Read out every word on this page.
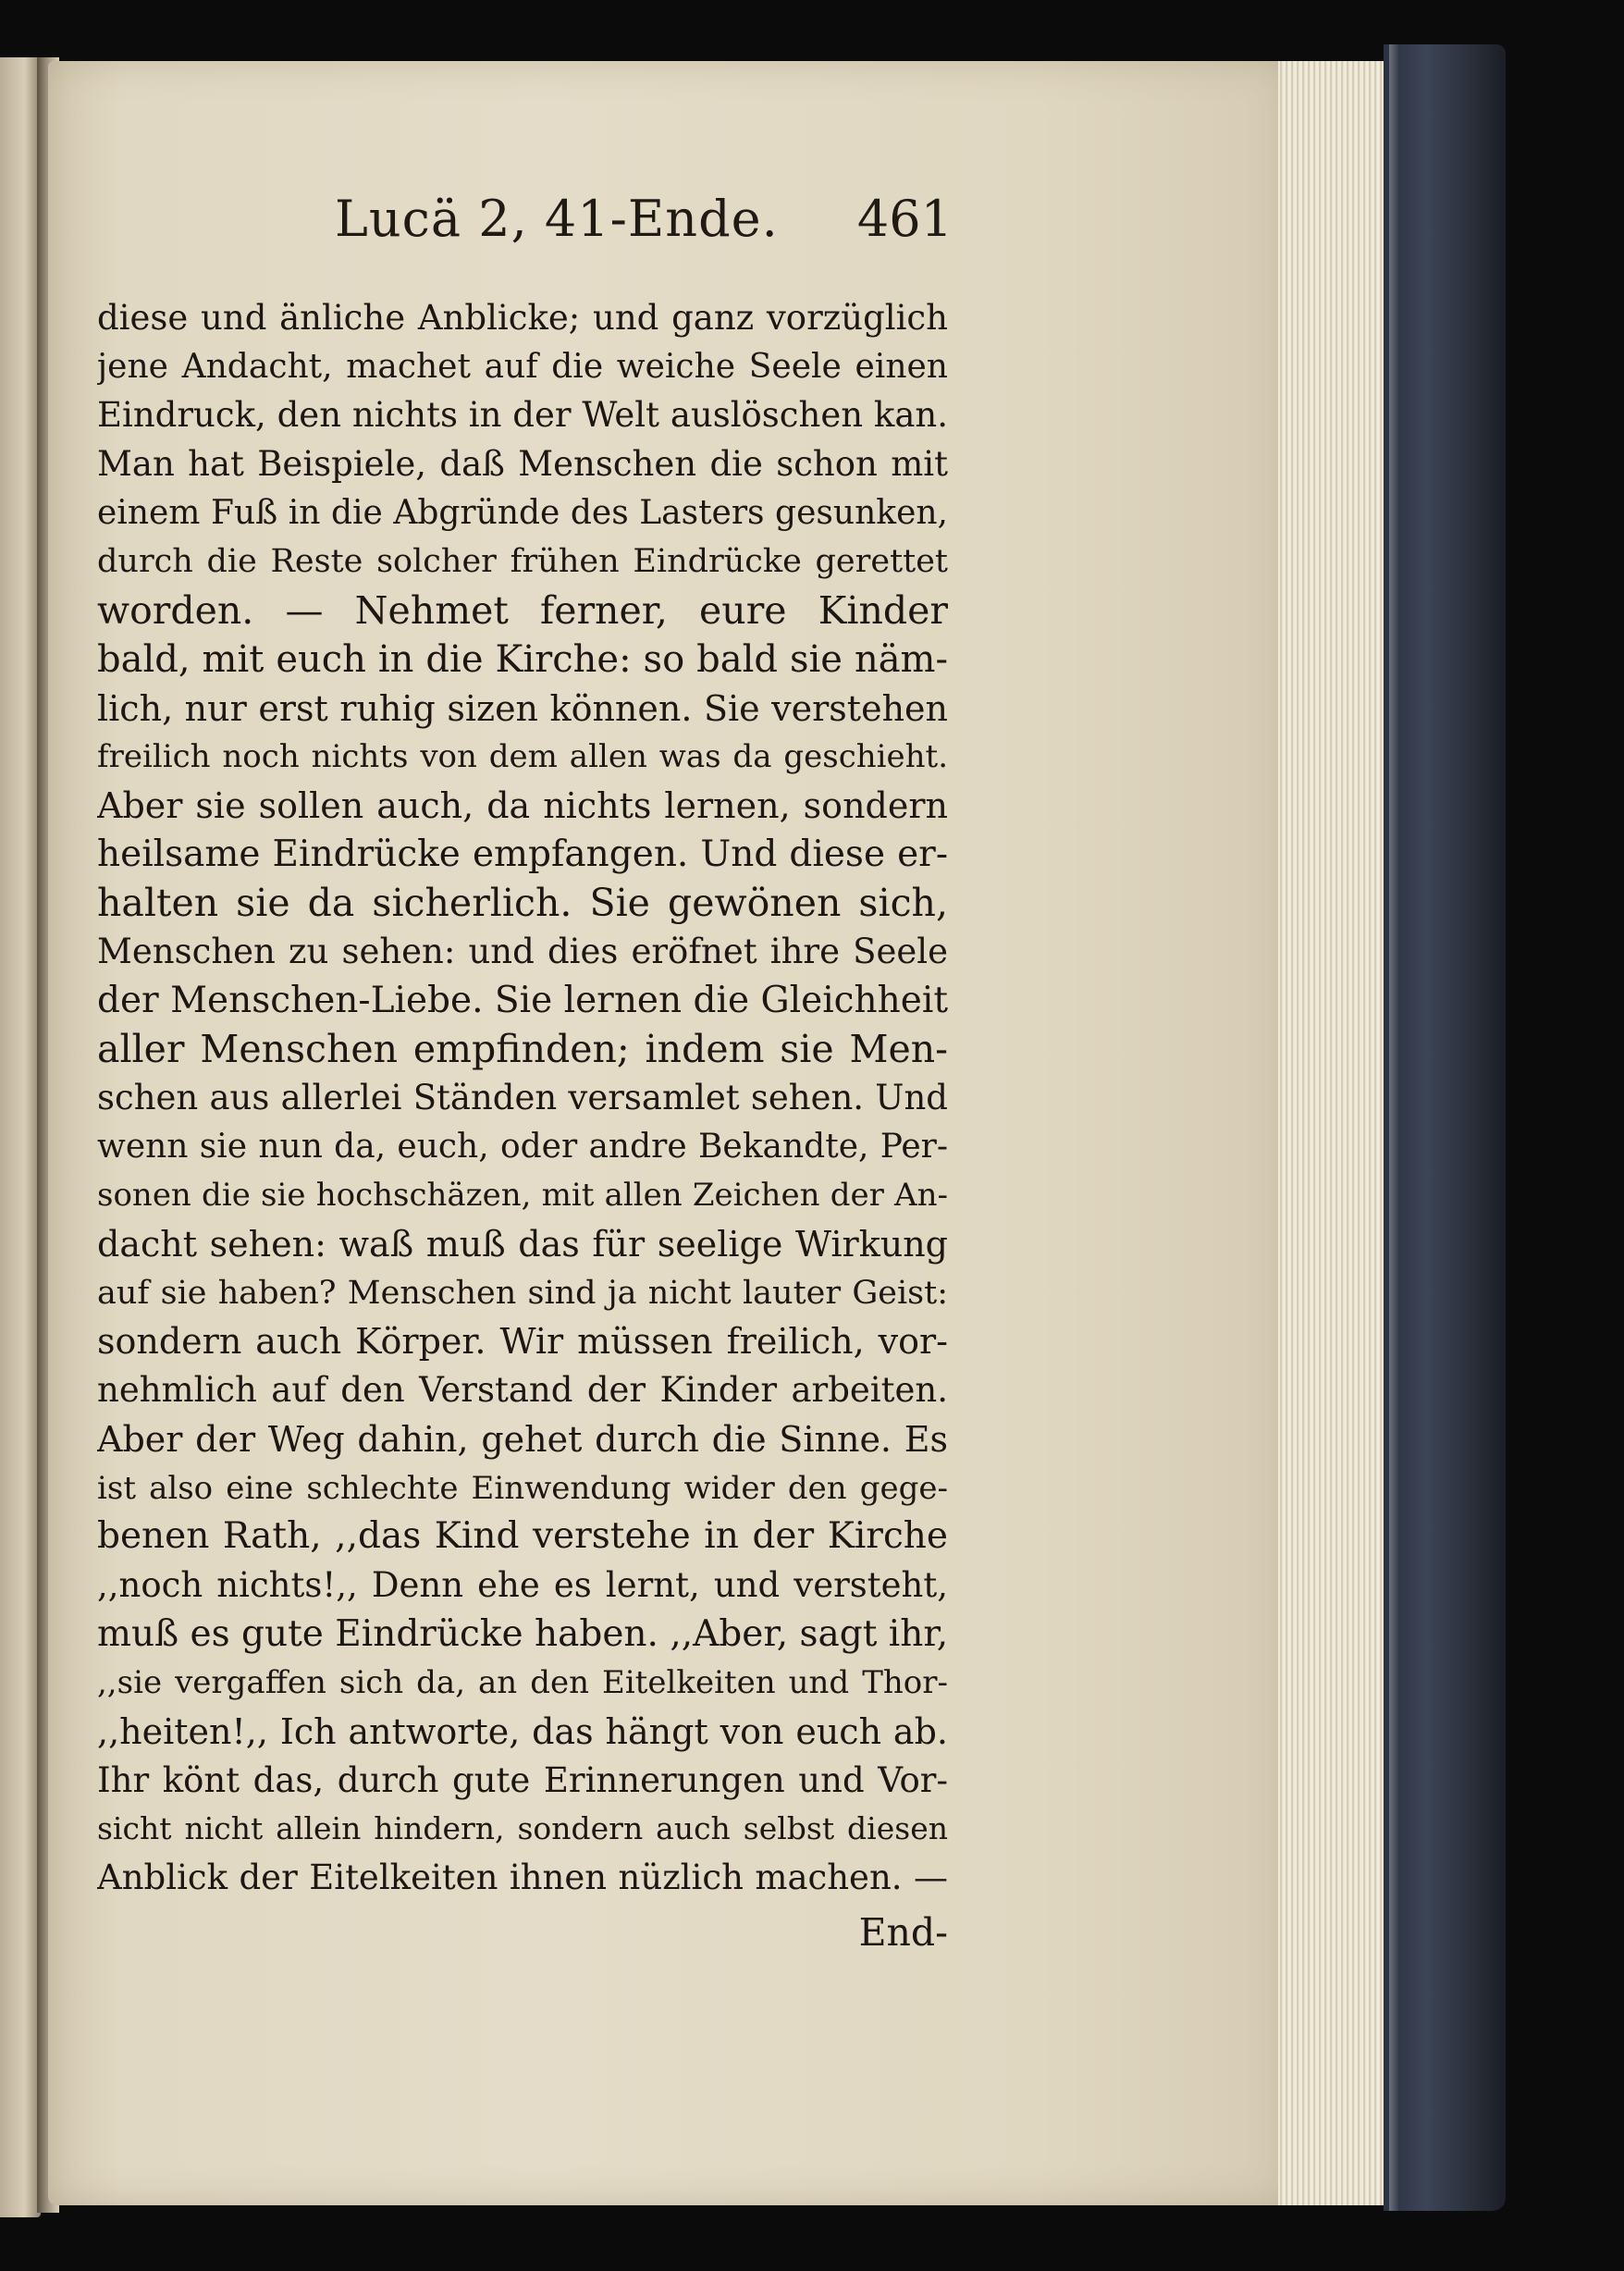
Lucä 2, 41-Ende. 461
diese und änliche Anblicke; und ganz vorzüglich
jene Andacht, machet auf die weiche Seele einen
Eindruck, den nichts in der Welt auslöschen kan.
Man hat Beispiele, daß Menschen die schon mit
einem Fuß in die Abgründe des Lasters gesunken,
durch die Reste solcher frühen Eindrücke gerettet
worden. — Nehmet ferner, eure Kinder
bald, mit euch in die Kirche: so bald sie näm-
lich, nur erst ruhig sizen können. Sie verstehen
freilich noch nichts von dem allen was da geschieht.
Aber sie sollen auch, da nichts lernen, sondern
heilsame Eindrücke empfangen. Und diese er-
halten sie da sicherlich. Sie gewönen sich,
Menschen zu sehen: und dies eröfnet ihre Seele
der Menschen-Liebe. Sie lernen die Gleichheit
aller Menschen empfinden; indem sie Men-
schen aus allerlei Ständen versamlet sehen. Und
wenn sie nun da, euch, oder andre Bekandte, Per-
sonen die sie hochschäzen, mit allen Zeichen der An-
dacht sehen: waß muß das für seelige Wirkung
auf sie haben? Menschen sind ja nicht lauter Geist:
sondern auch Körper. Wir müssen freilich, vor-
nehmlich auf den Verstand der Kinder arbeiten.
Aber der Weg dahin, gehet durch die Sinne. Es
ist also eine schlechte Einwendung wider den gege-
benen Rath, ,,das Kind verstehe in der Kirche
,,noch nichts!,, Denn ehe es lernt, und versteht,
muß es gute Eindrücke haben. ,,Aber, sagt ihr,
,,sie vergaffen sich da, an den Eitelkeiten und Thor-
,,heiten!,, Ich antworte, das hängt von euch ab.
Ihr könt das, durch gute Erinnerungen und Vor-
sicht nicht allein hindern, sondern auch selbst diesen
Anblick der Eitelkeiten ihnen nüzlich machen. —
End-
